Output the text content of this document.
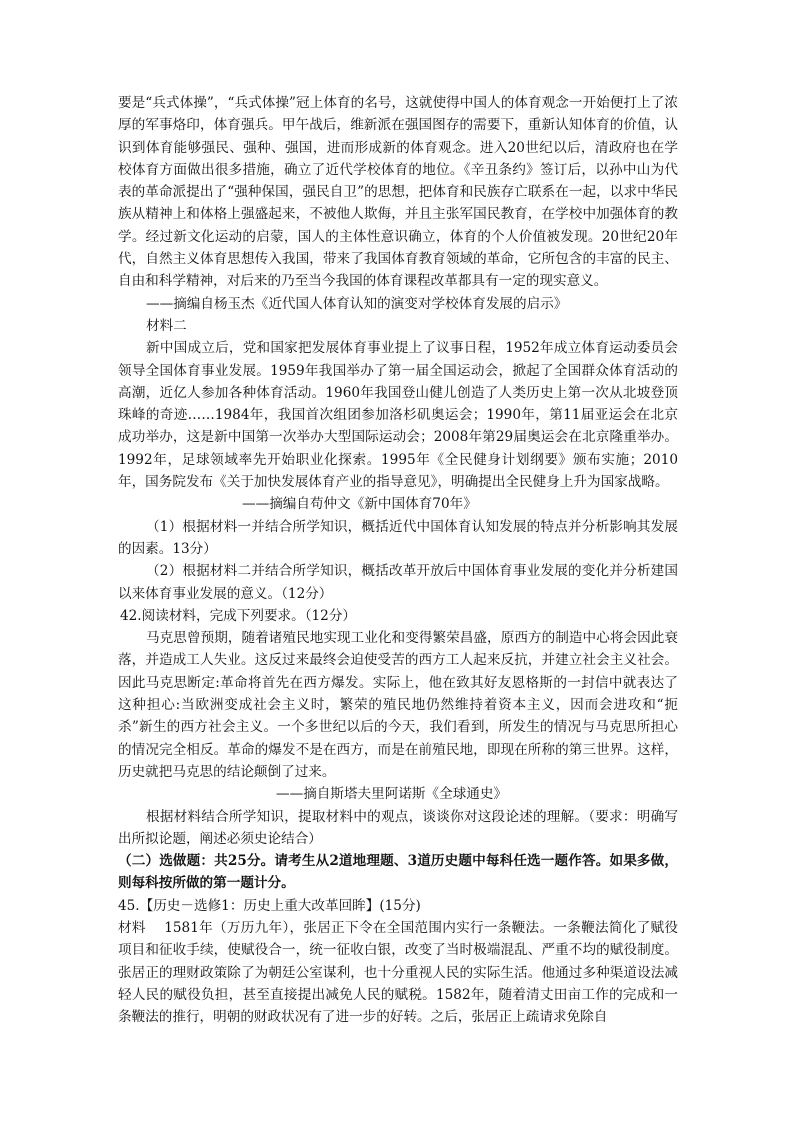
要是“兵式体操”，“兵式体操”冠上体育的名号，这就使得中国人的体育观念一开始便打上了浓厚的军事烙印，体育强兵。甲午战后，维新派在强国图存的需要下，重新认知体育的价值，认识到体育能够强民、强种、强国，进而形成新的体育观念。进入20世纪以后，清政府也在学校体育方面做出很多措施，确立了近代学校体育的地位。《辛丑条约》签订后，以孙中山为代表的革命派提出了“强种保国，强民自卫”的思想，把体育和民族存亡联系在一起，以求中华民族从精神上和体格上强盛起来，不被他人欺侮，并且主张军国民教育，在学校中加强体育的教学。经过新文化运动的启蒙，国人的主体性意识确立，体育的个人价值被发现。20世纪20年代，自然主义体育思想传入我国，带来了我国体育教育领域的革命，它所包含的丰富的民主、自由和科学精神，对后来的乃至当今我国的体育课程改革都具有一定的现实意义。

——摘编自杨玉杰《近代国人体育认知的演变对学校体育发展的启示》

材料二

新中国成立后，党和国家把发展体育事业提上了议事日程，1952年成立体育运动委员会领导全国体育事业发展。1959年我国举办了第一届全国运动会，掀起了全国群众体育活动的高潮，近亿人参加各种体育活动。1960年我国登山健儿创造了人类历史上第一次从北坡登顶珠峰的奇迹……1984年，我国首次组团参加洛杉矶奥运会；1990年，第11届亚运会在北京成功举办，这是新中国第一次举办大型国际运动会；2008年第29届奥运会在北京隆重举办。1992年，足球领域率先开始职业化探索。1995年《全民健身计划纲要》颁布实施；2010年，国务院发布《关于加快发展体育产业的指导意见》，明确提出全民健身上升为国家战略。

——摘编自苟仲文《新中国体育70年》

（1）根据材料一并结合所学知识，概括近代中国体育认知发展的特点并分析影响其发展的因素。13分）

（2）根据材料二并结合所学知识，概括改革开放后中国体育事业发展的变化并分析建国以来体育事业发展的意义。（12分）

42.阅读材料，完成下列要求。（12分）

马克思曾预期，随着诸殖民地实现工业化和变得繁荣昌盛，原西方的制造中心将会因此衰落，并造成工人失业。这反过来最终会迫使受苦的西方工人起来反抗，并建立社会主义社会。因此马克思断定:革命将首先在西方爆发。实际上，他在致其好友恩格斯的一封信中就表达了这种担心:当欧洲变成社会主义时，繁荣的殖民地仍然维持着资本主义，因而会进攻和“扼杀”新生的西方社会主义。一个多世纪以后的今天，我们看到，所发生的情况与马克思所担心的情况完全相反。革命的爆发不是在西方，而是在前殖民地，即现在所称的第三世界。这样，历史就把马克思的结论颠倒了过来。

——摘自斯塔夫里阿诺斯《全球通史》

根据材料结合所学知识，提取材料中的观点，谈谈你对这段论述的理解。（要求：明确写出所拟论题，阐述必须史论结合）

（二）选做题：共25分。请考生从2道地理题、3道历史题中每科任选一题作答。如果多做，则每科按所做的第一题计分。

45.【历史－选修1：历史上重大改革回眸】(15分)

材料　 1581年（万历九年），张居正下令在全国范围内实行一条鞭法。一条鞭法简化了赋役项目和征收手续，使赋役合一，统一征收白银，改变了当时极端混乱、严重不均的赋役制度。张居正的理财政策除了为朝廷公室谋利，也十分重视人民的实际生活。他通过多种渠道设法减轻人民的赋役负担，甚至直接提出减免人民的赋税。1582年，随着清丈田亩工作的完成和一条鞭法的推行，明朝的财政状况有了进一步的好转。之后，张居正上疏请求免除自
